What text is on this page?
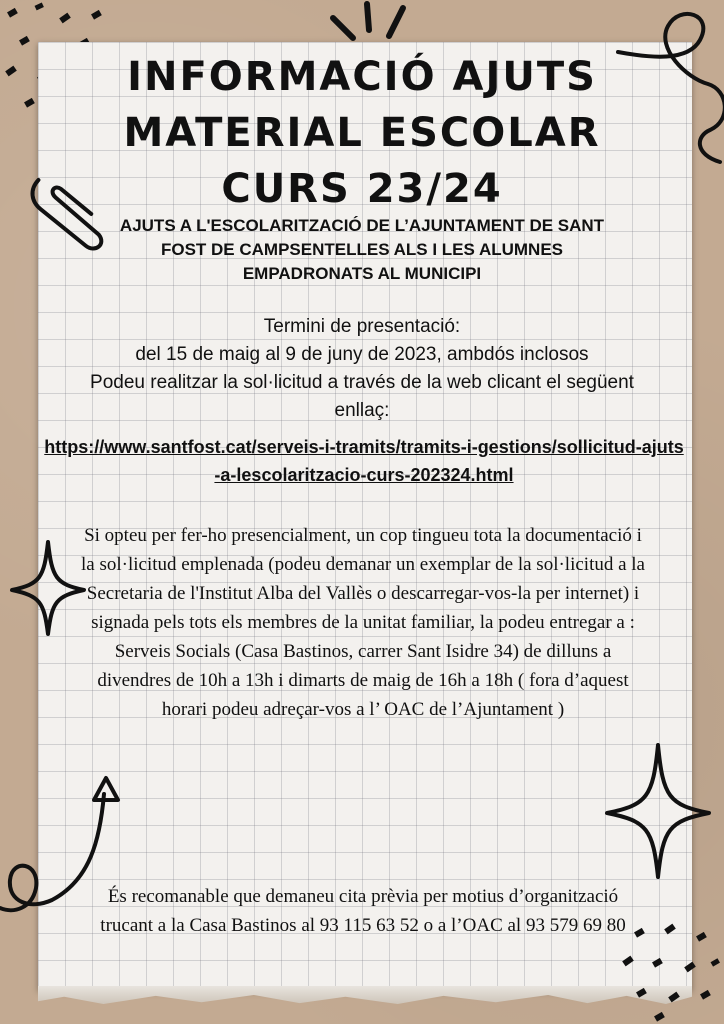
INFORMACIÓ AJUTS
MATERIAL ESCOLAR
CURS 23/24
AJUTS A L'ESCOLARITZACIÓ DE L’AJUNTAMENT DE SANT FOST DE CAMPSENTELLES ALS I LES ALUMNES EMPADRONATS AL MUNICIPI

Termini de presentació:

del 15 de maig al 9 de juny de 2023, ambdós inclosos

Podeu realitzar la sol·licitud a través de la web clicant el següent enllaç:

https://www.santfost.cat/serveis-i-tramits/tramits-i-gestions/sollicitud-ajuts-a-lescolaritzacio-curs-202324.html

Si opteu per fer-ho presencialment, un cop tingueu tota la documentació i la sol·licitud emplenada (podeu demanar un exemplar de la sol·licitud a la Secretaria de l'Institut Alba del Vallès o descarregar-vos-la per internet) i signada pels tots els membres de la unitat familiar, la podeu entregar a :

Serveis Socials (Casa Bastinos, carrer Sant Isidre 34) de dilluns a divendres de 10h a 13h i dimarts de maig de 16h a 18h ( fora d’aquest horari podeu adreçar-vos a l’ OAC de l’Ajuntament )

És recomanable que demaneu cita prèvia per motius d’organització trucant a la Casa Bastinos al 93 115 63 52 o a l’OAC al 93 579 69 80
